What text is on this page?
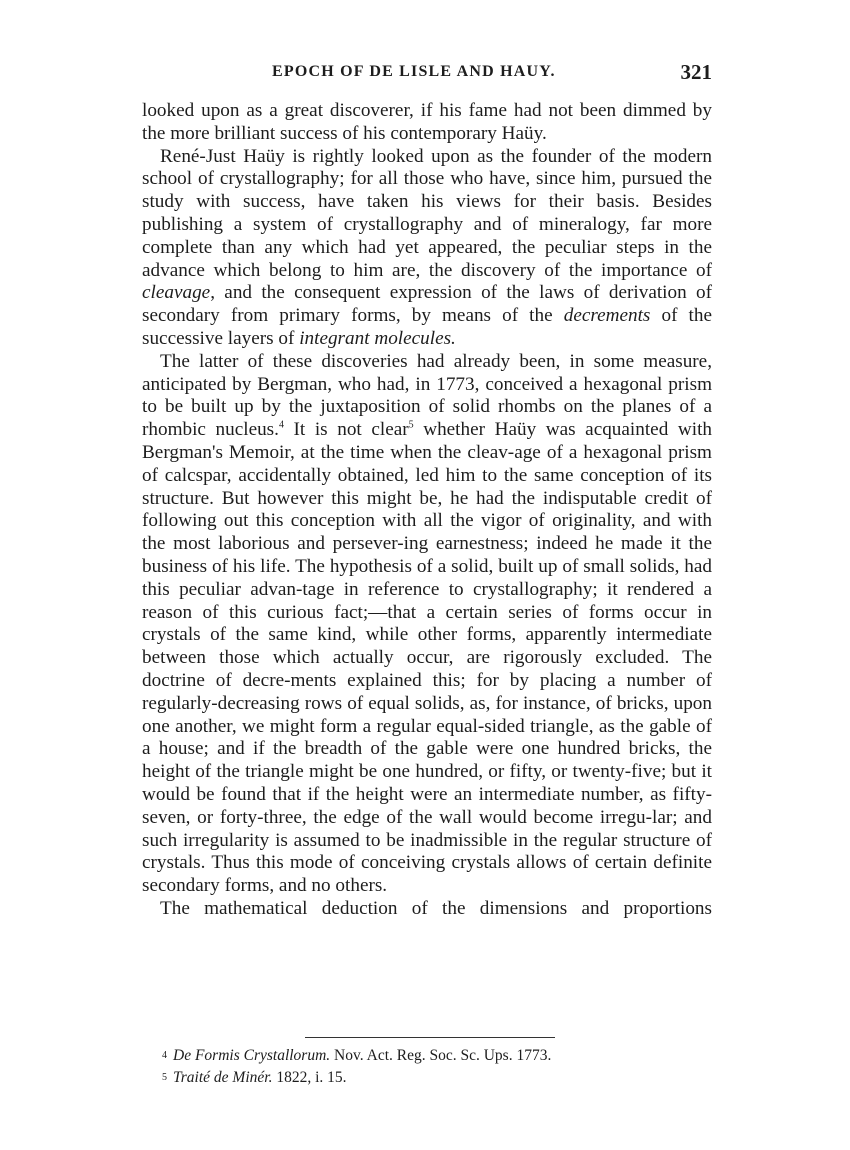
EPOCH OF DE LISLE AND HAUY.	321

looked upon as a great discoverer, if his fame had not been dimmed by the more brilliant success of his contemporary Haüy.

René-Just Haüy is rightly looked upon as the founder of the modern school of crystallography; for all those who have, since him, pursued the study with success, have taken his views for their basis. Besides publishing a system of crystallography and of mineralogy, far more complete than any which had yet appeared, the peculiar steps in the advance which belong to him are, the discovery of the importance of cleavage, and the consequent expression of the laws of derivation of secondary from primary forms, by means of the decrements of the successive layers of integrant molecules.

The latter of these discoveries had already been, in some measure, anticipated by Bergman, who had, in 1773, conceived a hexagonal prism to be built up by the juxtaposition of solid rhombs on the planes of a rhombic nucleus.$^4$ It is not clear$^5$ whether Haüy was acquainted with Bergman's Memoir, at the time when the cleav-age of a hexagonal prism of calcspar, accidentally obtained, led him to the same conception of its structure. But however this might be, he had the indisputable credit of following out this conception with all the vigor of originality, and with the most laborious and persever-ing earnestness; indeed he made it the business of his life. The hypothesis of a solid, built up of small solids, had this peculiar advan-tage in reference to crystallography; it rendered a reason of this curious fact;—that a certain series of forms occur in crystals of the same kind, while other forms, apparently intermediate between those which actually occur, are rigorously excluded. The doctrine of decre-ments explained this; for by placing a number of regularly-decreasing rows of equal solids, as, for instance, of bricks, upon one another, we might form a regular equal-sided triangle, as the gable of a house; and if the breadth of the gable were one hundred bricks, the height of the triangle might be one hundred, or fifty, or twenty-five; but it would be found that if the height were an intermediate number, as fifty-seven, or forty-three, the edge of the wall would become irregu-lar; and such irregularity is assumed to be inadmissible in the regular structure of crystals. Thus this mode of conceiving crystals allows of certain definite secondary forms, and no others.

The mathematical deduction of the dimensions and proportions

$^4$ De Formis Crystallorum. Nov. Act. Reg. Soc. Sc. Ups. 1773.

$^5$ Traité de Minér. 1822, i. 15.
